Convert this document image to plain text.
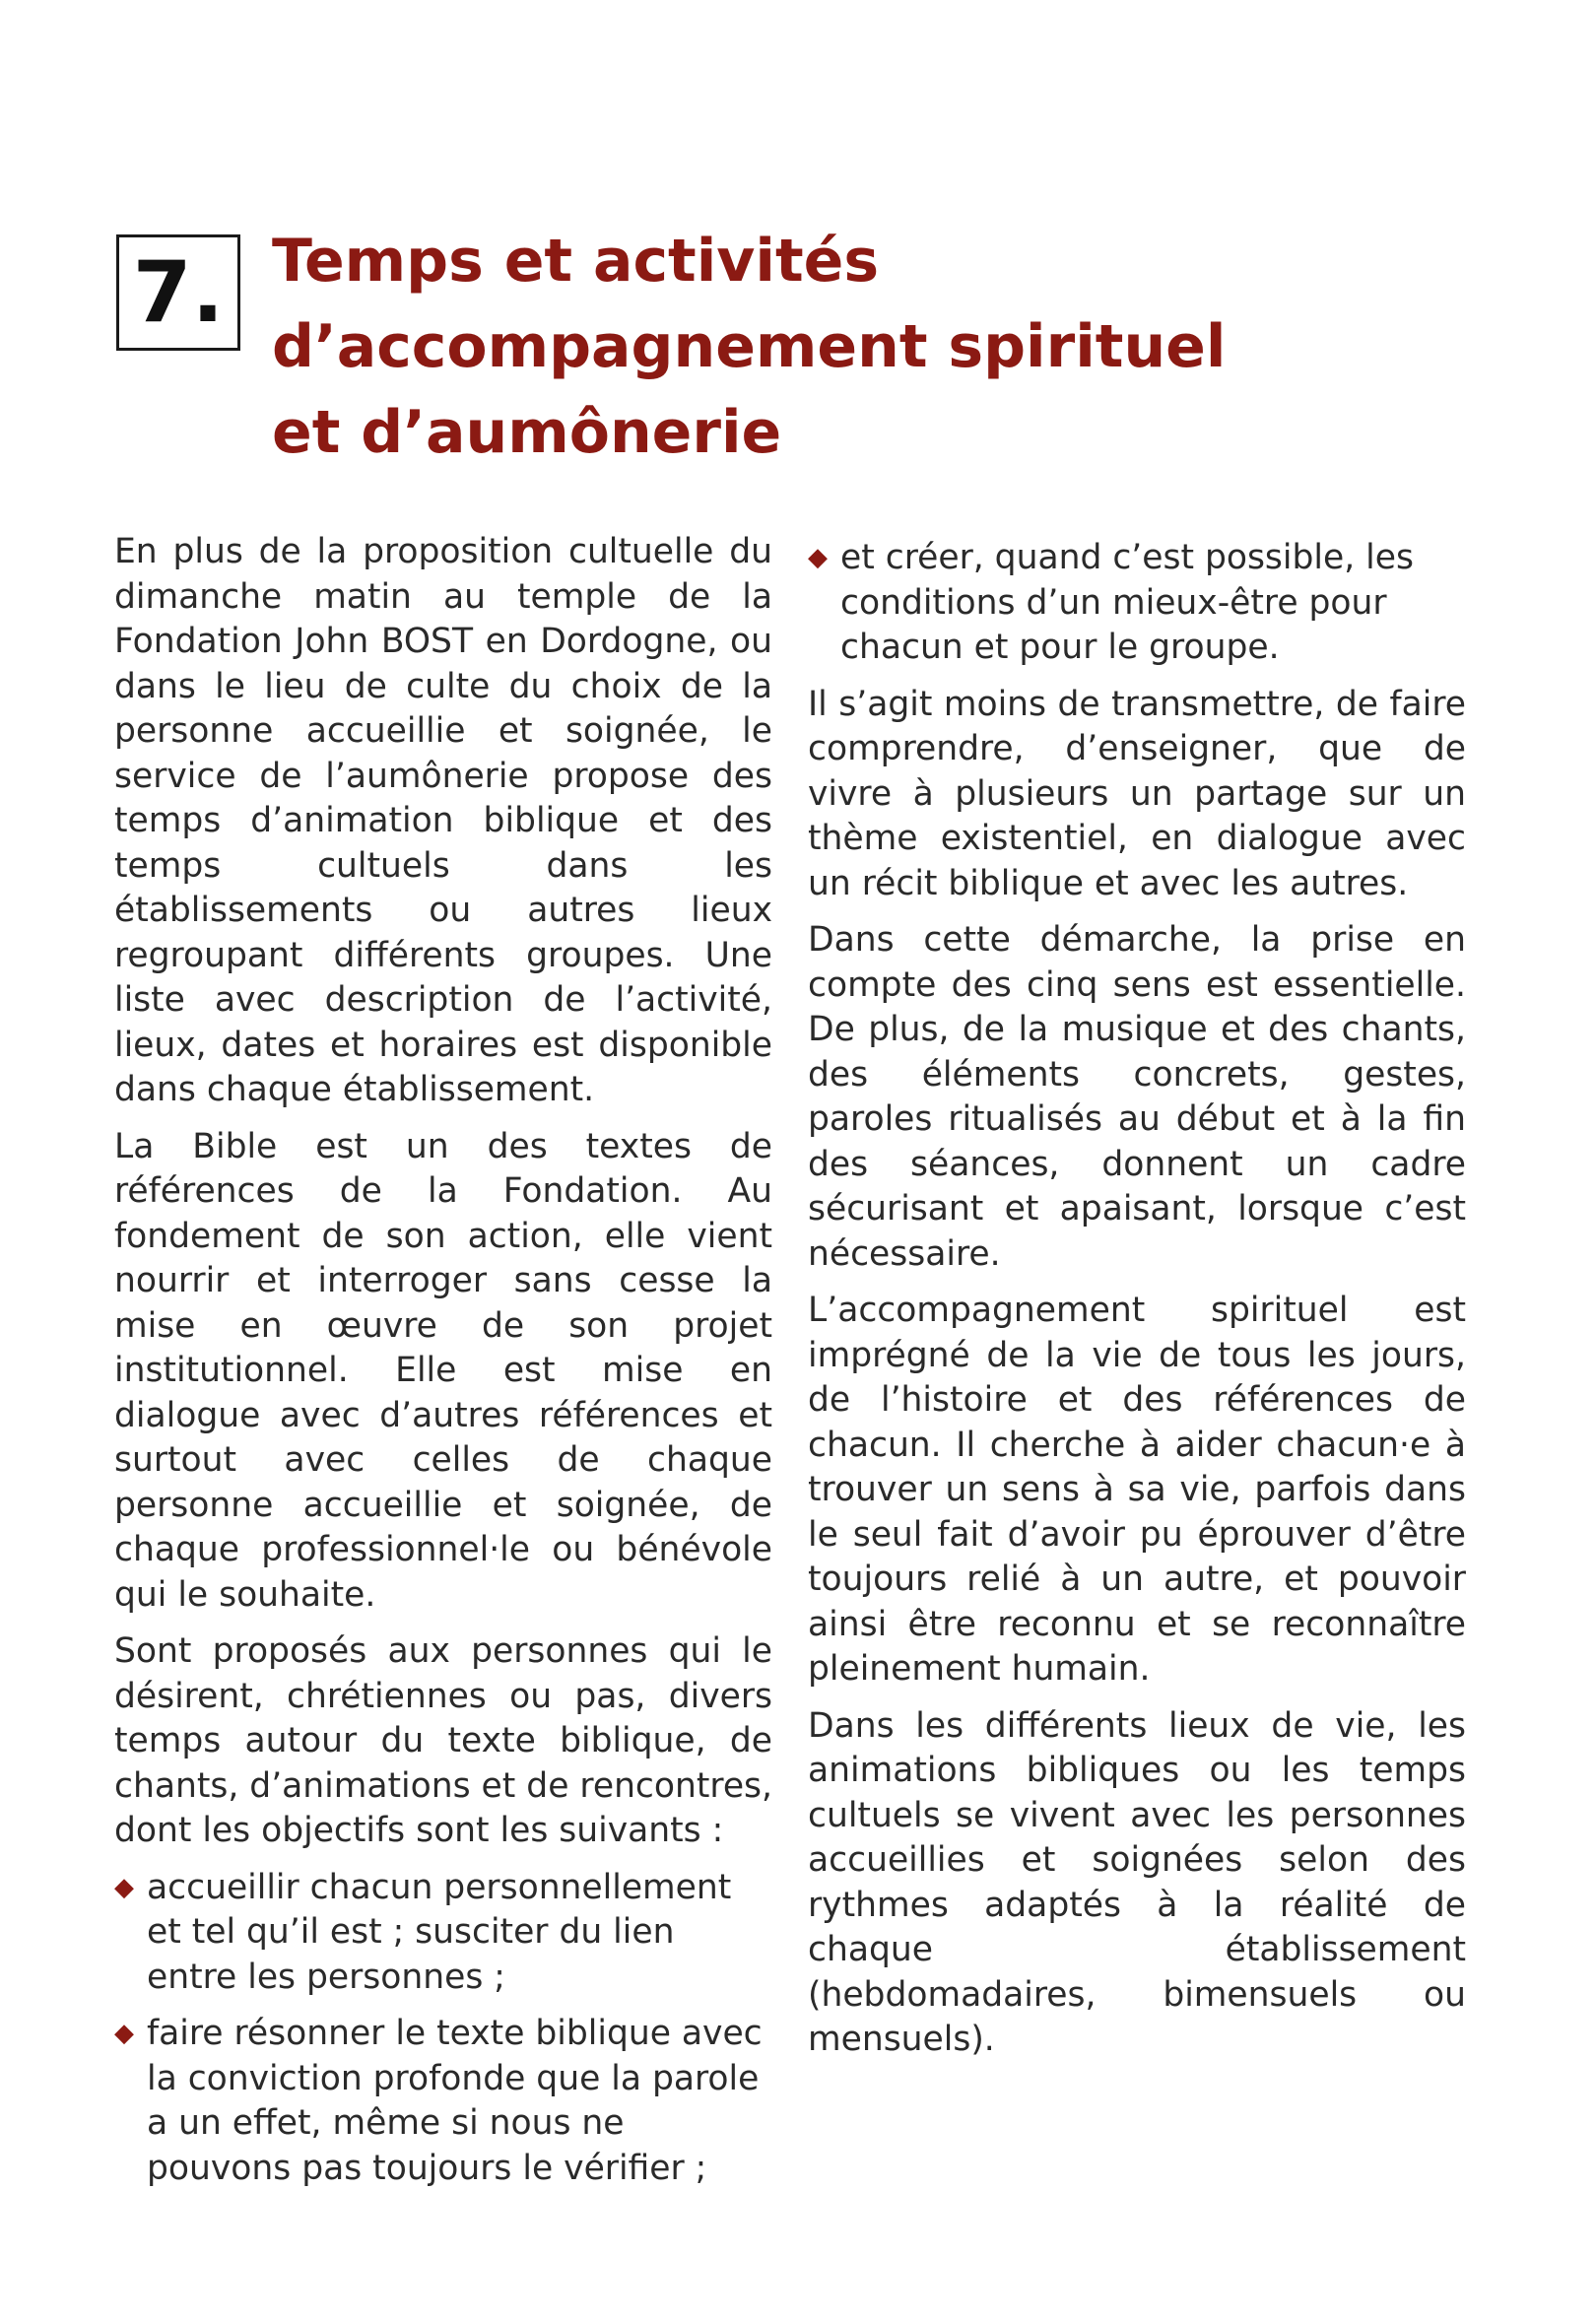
7. Temps et activités
d’accompagnement spirituel
et d’aumônerie

En plus de la proposition cultuelle du dimanche matin au temple de la Fondation John BOST en Dordogne, ou dans le lieu de culte du choix de la personne accueillie et soignée, le service de l’aumônerie propose des temps d’animation biblique et des temps cultuels dans les établissements ou autres lieux regroupant différents groupes. Une liste avec description de l’activité, lieux, dates et horaires est disponible dans chaque établissement.

La Bible est un des textes de références de la Fondation. Au fondement de son action, elle vient nourrir et interroger sans cesse la mise en œuvre de son projet institutionnel. Elle est mise en dialogue avec d’autres références et surtout avec celles de chaque personne accueillie et soignée, de chaque professionnel·le ou bénévole qui le souhaite.

Sont proposés aux personnes qui le désirent, chrétiennes ou pas, divers temps autour du texte biblique, de chants, d’animations et de rencontres, dont les objectifs sont les suivants :

◆ accueillir chacun personnellement et tel qu’il est ; susciter du lien entre les personnes ;
◆ faire résonner le texte biblique avec la conviction profonde que la parole a un effet, même si nous ne pouvons pas toujours le vérifier ;
◆ et créer, quand c’est possible, les conditions d’un mieux-être pour chacun et pour le groupe.

Il s’agit moins de transmettre, de faire comprendre, d’enseigner, que de vivre à plusieurs un partage sur un thème existentiel, en dialogue avec un récit biblique et avec les autres.

Dans cette démarche, la prise en compte des cinq sens est essentielle. De plus, de la musique et des chants, des éléments concrets, gestes, paroles ritualisés au début et à la fin des séances, donnent un cadre sécurisant et apaisant, lorsque c’est nécessaire.

L’accompagnement spirituel est imprégné de la vie de tous les jours, de l’histoire et des références de chacun. Il cherche à aider chacun·e à trouver un sens à sa vie, parfois dans le seul fait d’avoir pu éprouver d’être toujours relié à un autre, et pouvoir ainsi être reconnu et se reconnaître pleinement humain.

Dans les différents lieux de vie, les animations bibliques ou les temps cultuels se vivent avec les personnes accueillies et soignées selon des rythmes adaptés à la réalité de chaque établissement (hebdomadaires, bimensuels ou mensuels).
